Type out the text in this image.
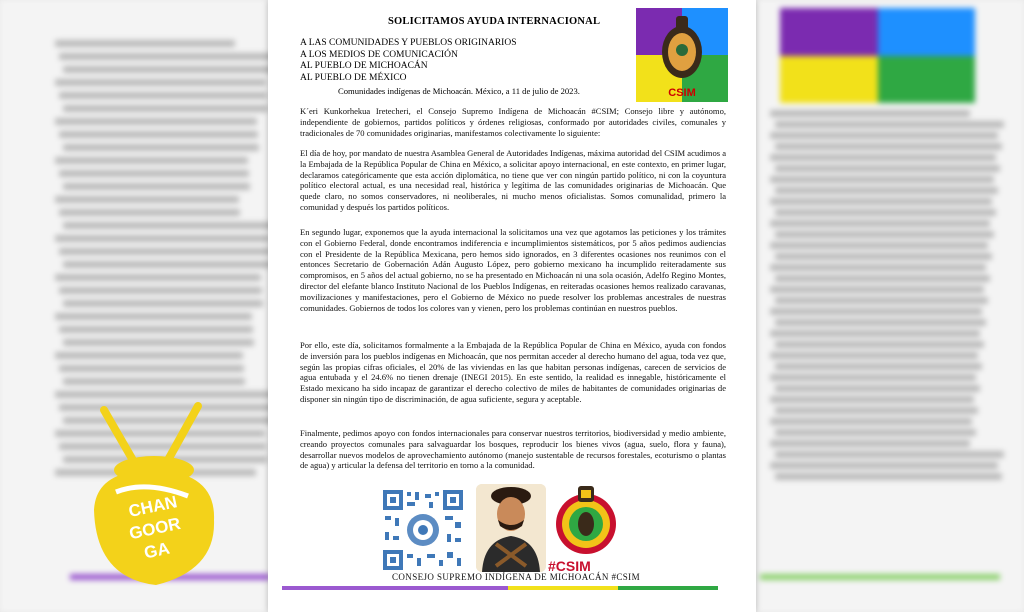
CHAN
GOOR
GA
SOLICITAMOS AYUDA INTERNACIONAL
A LAS COMUNIDADES Y PUEBLOS ORIGINARIOS
A LOS MEDIOS DE COMUNICACIÓN
AL PUEBLO DE MICHOACÁN
AL PUEBLO DE MÉXICO
Comunidades indígenas de Michoacán. México, a 11 de julio de 2023.	CSIM
K´eri Kunkorhekua Iretecheri, el Consejo Supremo Indígena de Michoacán #CSIM; Consejo libre y autónomo, independiente de gobiernos, partidos políticos y órdenes religiosas, conformado por autoridades civiles, comunales y tradicionales de 70 comunidades originarias, manifestamos colectivamente lo siguiente:
El día de hoy, por mandato de nuestra Asamblea General de Autoridades Indígenas, máxima autoridad del CSIM acudimos a la Embajada de la República Popular de China en México, a solicitar apoyo internacional, en este contexto, en primer lugar, declaramos categóricamente que esta acción diplomática, no tiene que ver con ningún partido político, ni con la coyuntura político electoral actual, es una necesidad real, histórica y legítima de las comunidades originarias de Michoacán. Que quede claro, no somos conservadores, ni neoliberales, ni mucho menos oficialistas. Somos comunalidad, primero la comunidad y después los partidos políticos.
En segundo lugar, exponemos que la ayuda internacional la solicitamos una vez que agotamos las peticiones y los trámites con el Gobierno Federal, donde encontramos indiferencia e incumplimientos sistemáticos, por 5 años pedimos audiencias con el Presidente de la República Mexicana, pero hemos sido ignorados, en 3 diferentes ocasiones nos reunimos con el entonces Secretario de Gobernación Adán Augusto López, pero gobierno mexicano ha incumplido reiteradamente sus compromisos, en 5 años del actual gobierno, no se ha presentado en Michoacán ni una sola ocasión, Adelfo Regino Montes, director del elefante blanco Instituto Nacional de los Pueblos Indígenas, en reiteradas ocasiones hemos realizado caravanas, movilizaciones y manifestaciones, pero el Gobierno de México no puede resolver los problemas ancestrales de nuestras comunidades. Gobiernos de todos los colores van y vienen, pero los problemas continúan en nuestros pueblos.
Por ello, este día, solicitamos formalmente a la Embajada de la República Popular de China en México, ayuda con fondos de inversión para los pueblos indígenas en Michoacán, que nos permitan acceder al derecho humano del agua, toda vez que, según las propias cifras oficiales, el 20% de las viviendas en las que habitan personas indígenas, carecen de servicios de agua entubada y el 24.6% no tienen drenaje (INEGI 2015). En este sentido, la realidad es innegable, históricamente el Estado mexicano ha sido incapaz de garantizar el derecho colectivo de miles de habitantes de comunidades originarias de disponer sin ningún tipo de discriminación, de agua suficiente, segura y aceptable.
Finalmente, pedimos apoyo con fondos internacionales para conservar nuestros territorios, biodiversidad y medio ambiente, creando proyectos comunales para salvaguardar los bosques, reproducir los bienes vivos (agua, suelo, flora y fauna), desarrollar nuevos modelos de aprovechamiento autónomo (manejo sustentable de recursos forestales, ecoturismo o plantas de agua) y articular la defensa del territorio en torno a la comunidad.
#CSIM
CONSEJO SUPREMO INDÍGENA DE MICHOACÁN #CSIM
